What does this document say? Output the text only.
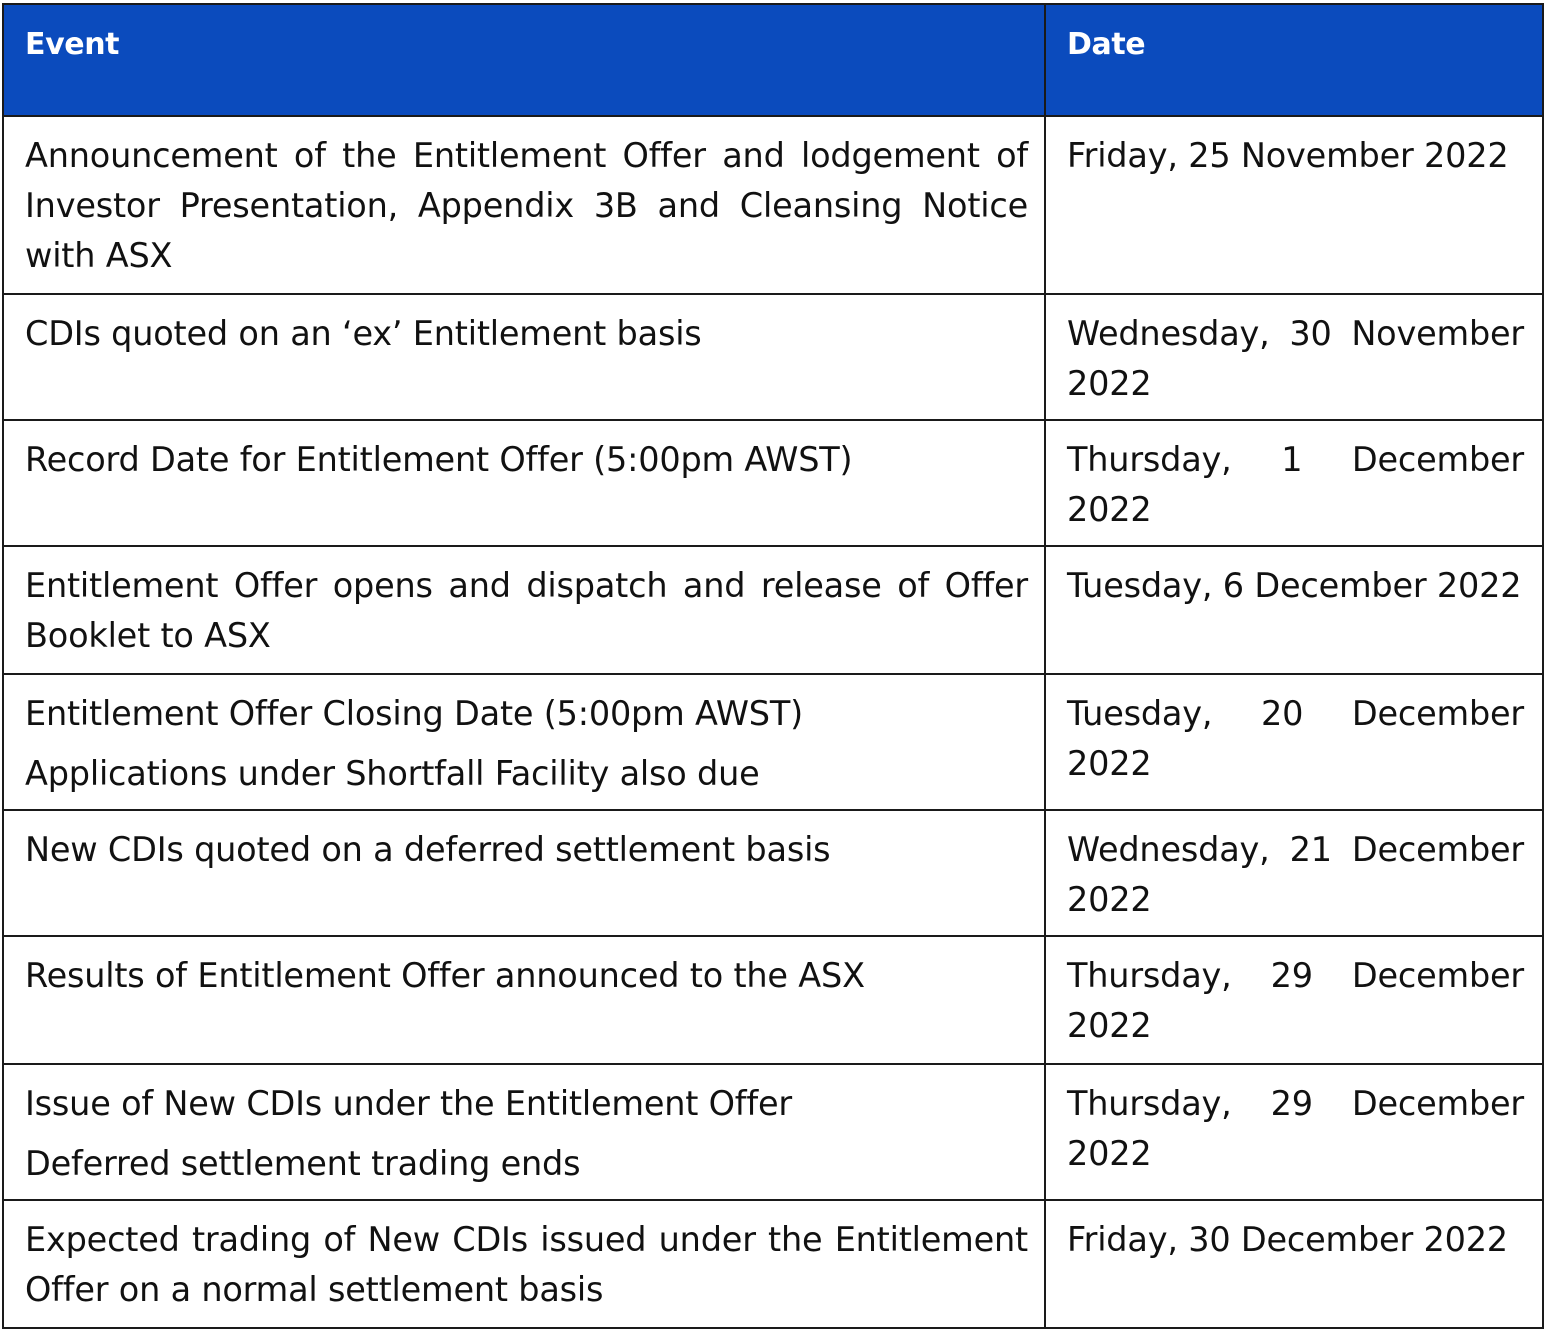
Event	Date

Announcement of the Entitlement Offer and lodgement of Investor Presentation, Appendix 3B and Cleansing Notice with ASX	Friday, 25 November 2022

CDIs quoted on an ‘ex’ Entitlement basis	Wednesday, 30 November 2022

Record Date for Entitlement Offer (5:00pm AWST)	Thursday, 1 December 2022

Entitlement Offer opens and dispatch and release of Offer Booklet to ASX	Tuesday, 6 December 2022

Entitlement Offer Closing Date (5:00pm AWST)
Applications under Shortfall Facility also due	Tuesday, 20 December 2022

New CDIs quoted on a deferred settlement basis	Wednesday, 21 December 2022

Results of Entitlement Offer announced to the ASX	Thursday, 29 December 2022

Issue of New CDIs under the Entitlement Offer
Deferred settlement trading ends	Thursday, 29 December 2022

Expected trading of New CDIs issued under the Entitlement Offer on a normal settlement basis	Friday, 30 December 2022
